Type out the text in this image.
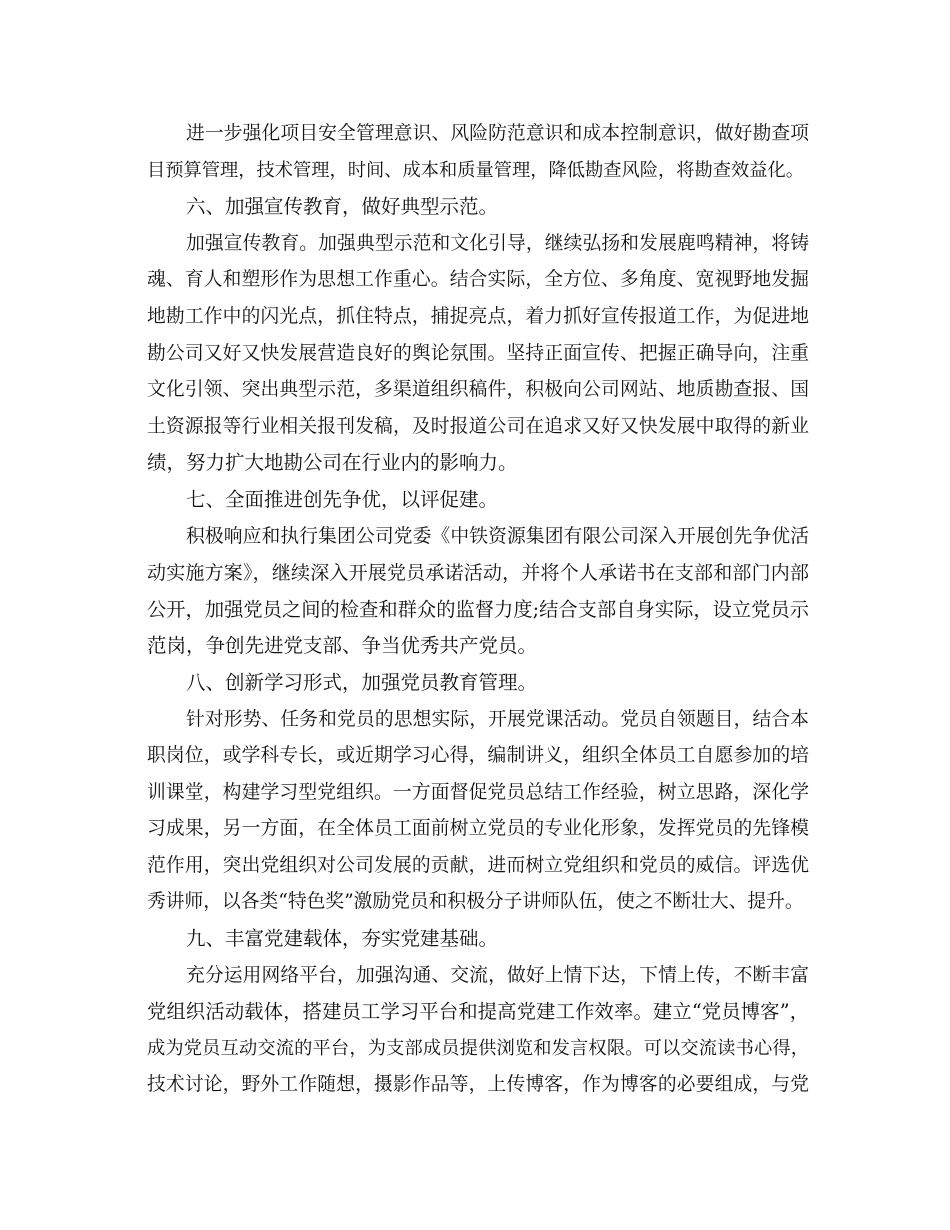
进一步强化项目安全管理意识、风险防范意识和成本控制意识，做好勘查项
目预算管理，技术管理，时间、成本和质量管理，降低勘查风险，将勘查效益化。
六、加强宣传教育，做好典型示范。
加强宣传教育。加强典型示范和文化引导，继续弘扬和发展鹿鸣精神，将铸
魂、育人和塑形作为思想工作重心。结合实际，全方位、多角度、宽视野地发掘
地勘工作中的闪光点，抓住特点，捕捉亮点，着力抓好宣传报道工作，为促进地
勘公司又好又快发展营造良好的舆论氛围。坚持正面宣传、把握正确导向，注重
文化引领、突出典型示范，多渠道组织稿件，积极向公司网站、地质勘查报、国
土资源报等行业相关报刊发稿，及时报道公司在追求又好又快发展中取得的新业
绩，努力扩大地勘公司在行业内的影响力。
七、全面推进创先争优，以评促建。
积极响应和执行集团公司党委《中铁资源集团有限公司深入开展创先争优活
动实施方案》，继续深入开展党员承诺活动，并将个人承诺书在支部和部门内部
公开，加强党员之间的检查和群众的监督力度;结合支部自身实际，设立党员示
范岗，争创先进党支部、争当优秀共产党员。
八、创新学习形式，加强党员教育管理。
针对形势、任务和党员的思想实际，开展党课活动。党员自领题目，结合本
职岗位，或学科专长，或近期学习心得，编制讲义，组织全体员工自愿参加的培
训课堂，构建学习型党组织。一方面督促党员总结工作经验，树立思路，深化学
习成果，另一方面，在全体员工面前树立党员的专业化形象，发挥党员的先锋模
范作用，突出党组织对公司发展的贡献，进而树立党组织和党员的威信。评选优
秀讲师，以各类“特色奖”激励党员和积极分子讲师队伍，使之不断壮大、提升。
九、丰富党建载体，夯实党建基础。
充分运用网络平台，加强沟通、交流，做好上情下达，下情上传，不断丰富
党组织活动载体，搭建员工学习平台和提高党建工作效率。建立“党员博客”，
成为党员互动交流的平台，为支部成员提供浏览和发言权限。可以交流读书心得，
技术讨论，野外工作随想，摄影作品等，上传博客，作为博客的必要组成，与党
